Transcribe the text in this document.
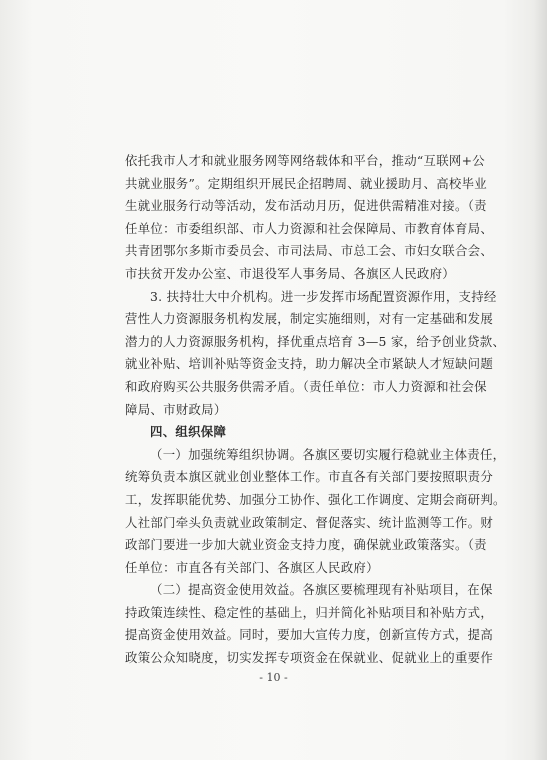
依托我市人才和就业服务网等网络载体和平台，推动“互联网+公
共就业服务”。定期组织开展民企招聘周、就业援助月、高校毕业
生就业服务行动等活动，发布活动月历，促进供需精准对接。（责
任单位：市委组织部、市人力资源和社会保障局、市教育体育局、
共青团鄂尔多斯市委员会、市司法局、市总工会、市妇女联合会、
市扶贫开发办公室、市退役军人事务局、各旗区人民政府）
3. 扶持壮大中介机构。进一步发挥市场配置资源作用，支持经
营性人力资源服务机构发展，制定实施细则，对有一定基础和发展
潜力的人力资源服务机构，择优重点培育 3—5 家，给予创业贷款、
就业补贴、培训补贴等资金支持，助力解决全市紧缺人才短缺问题
和政府购买公共服务供需矛盾。（责任单位：市人力资源和社会保
障局、市财政局）
四、组织保障
（一）加强统筹组织协调。各旗区要切实履行稳就业主体责任，
统筹负责本旗区就业创业整体工作。市直各有关部门要按照职责分
工，发挥职能优势、加强分工协作、强化工作调度、定期会商研判。
人社部门牵头负责就业政策制定、督促落实、统计监测等工作。财
政部门要进一步加大就业资金支持力度，确保就业政策落实。（责
任单位：市直各有关部门、各旗区人民政府）
（二）提高资金使用效益。各旗区要梳理现有补贴项目，在保
持政策连续性、稳定性的基础上，归并简化补贴项目和补贴方式，
提高资金使用效益。同时，要加大宣传力度，创新宣传方式，提高
政策公众知晓度，切实发挥专项资金在保就业、促就业上的重要作
- 10 -
